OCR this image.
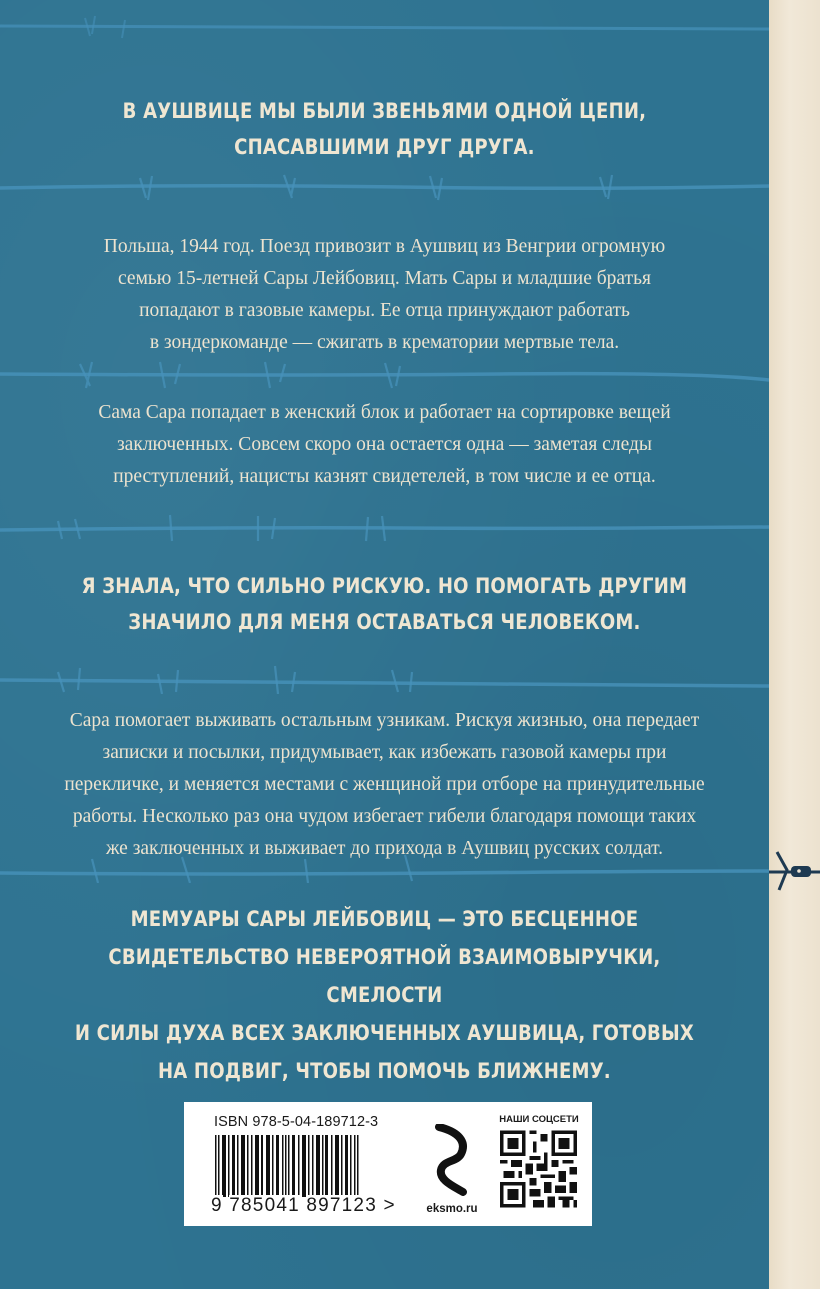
В АУШВИЦЕ МЫ БЫЛИ ЗВЕНЬЯМИ ОДНОЙ ЦЕПИ,

СПАСАВШИМИ ДРУГ ДРУГА.

Польша, 1944 год. Поезд привозит в Аушвиц из Венгрии огромную

семью 15-летней Сары Лейбовиц. Мать Сары и младшие братья

попадают в газовые камеры. Ее отца принуждают работать

в зондеркоманде — сжигать в крематории мертвые тела.

Сама Сара попадает в женский блок и работает на сортировке вещей

заключенных. Совсем скоро она остается одна — заметая следы

преступлений, нацисты казнят свидетелей, в том числе и ее отца.

Я ЗНАЛА, ЧТО СИЛЬНО РИСКУЮ. НО ПОМОГАТЬ ДРУГИМ

ЗНАЧИЛО ДЛЯ МЕНЯ ОСТАВАТЬСЯ ЧЕЛОВЕКОМ.

Сара помогает выживать остальным узникам. Рискуя жизнью, она передает

записки и посылки, придумывает, как избежать газовой камеры при

перекличке, и меняется местами с женщиной при отборе на принудительные

работы. Несколько раз она чудом избегает гибели благодаря помощи таких

же заключенных и выживает до прихода в Аушвиц русских солдат.

МЕМУАРЫ САРЫ ЛЕЙБОВИЦ — ЭТО БЕСЦЕННОЕ

СВИДЕТЕЛЬСТВО НЕВЕРОЯТНОЙ ВЗАИМОВЫРУЧКИ, СМЕЛОСТИ

И СИЛЫ ДУХА ВСЕХ ЗАКЛЮЧЕННЫХ АУШВИЦА, ГОТОВЫХ

НА ПОДВИГ, ЧТОБЫ ПОМОЧЬ БЛИЖНЕМУ.

ISBN 978-5-04-189712-3
9 785041 897123 >	eksmo.ru
НАШИ СОЦСЕТИ
